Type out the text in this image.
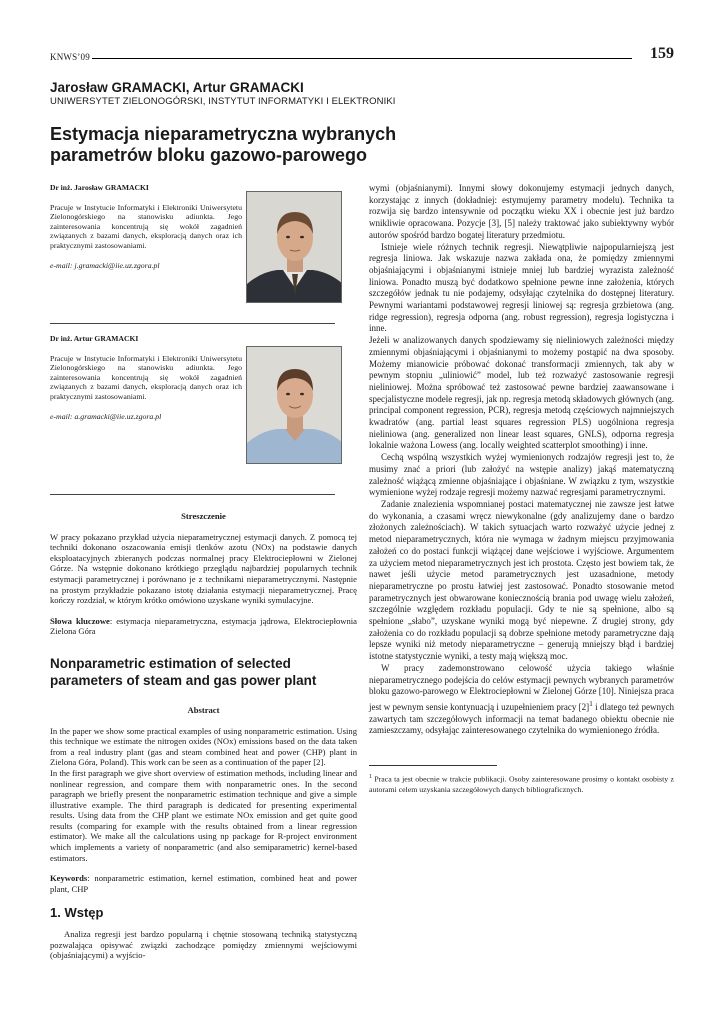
KNWS’09	159
Jarosław GRAMACKI, Artur GRAMACKI
UNIWERSYTET ZIELONOGÓRSKI, INSTYTUT INFORMATYKI I ELEKTRONIKI
Estymacja nieparametryczna wybranych parametrów bloku gazowo-parowego
Dr inż. Jarosław GRAMACKI
Pracuje w Instytucie Informatyki i Elektroniki Uniwersytetu Zielonogórskiego na stanowisku adiunkta. Jego zainteresowania koncentrują się wokół zagadnień związanych z bazami danych, eksploracją danych oraz ich praktycznymi zastosowaniami.
e-mail: j.gramacki@iie.uz.zgora.pl
Dr inż. Artur GRAMACKI
Pracuje w Instytucie Informatyki i Elektroniki Uniwersytetu Zielonogórskiego na stanowisku adiunkta. Jego zainteresowania koncentrują się wokół zagadnień związanych z bazami danych, eksploracją danych oraz ich praktycznymi zastosowaniami.
e-mail: a.gramacki@iie.uz.zgora.pl
Streszczenie

W pracy pokazano przykład użycia nieparametrycznej estymacji danych. Z pomocą tej techniki dokonano oszacowania emisji tlenków azotu (NOx) na podstawie danych eksploatacyjnych zbieranych podczas normalnej pracy Elektrociepłowni w Zielonej Górze. Na wstępnie dokonano krótkiego przeglądu najbardziej popularnych technik estymacji parametrycznej i porównano je z technikami nieparametrycznymi. Następnie na prostym przykładzie pokazano istotę działania estymacji nieparametrycznej. Pracę kończy rozdział, w którym krótko omówiono uzyskane wyniki symulacyjne.

Słowa kluczowe: estymacja nieparametryczna, estymacja jądrowa, Elektrociepłownia Zielona Góra

Nonparametric estimation of selected parameters of steam and gas power plant
Abstract

In the paper we show some practical examples of using nonparametric estimation. Using this technique we estimate the nitrogen oxides (NOx) emissions based on the data taken from a real industry plant (gas and steam combined heat and power (CHP) plant in Zielona Góra, Poland). This work can be seen as a continuation of the paper [2].

In the first paragraph we give short overview of estimation methods, including linear and nonlinear regression, and compare them with nonparametric ones. In the second paragraph we briefly present the nonparametric estimation technique and give a simple illustrative example. The third paragraph is dedicated for presenting experimental results. Using data from the CHP plant we estimate NOx emission and get quite good results (comparing for example with the results obtained from a linear regression estimator). We make all the calculations using np package for R-project environment which implements a variety of nonparametric (and also semiparametric) kernel-based estimators.

Keywords: nonparametric estimation, kernel estimation, combined heat and power plant, CHP

1. Wstęp

Analiza regresji jest bardzo popularną i chętnie stosowaną techniką statystyczną pozwalająca opisywać związki zachodzące pomiędzy zmiennymi wejściowymi (objaśniającymi) a wyjścio-

wymi (objaśnianymi). Innymi słowy dokonujemy estymacji jednych danych, korzystając z innych (dokładniej: estymujemy parametry modelu). Technika ta rozwija się bardzo intensywnie od początku wieku XX i obecnie jest już bardzo wnikliwie opracowana. Pozycje [3], [5] należy traktować jako subiektywny wybór autorów spośród bardzo bogatej literatury przedmiotu.

Istnieje wiele różnych technik regresji. Niewątpliwie najpopularniejszą jest regresja liniowa. Jak wskazuje nazwa zakłada ona, że pomiędzy zmiennymi objaśniającymi i objaśnianymi istnieje mniej lub bardziej wyrazista zależność liniowa. Ponadto muszą być dodatkowo spełnione pewne inne założenia, których szczegółów jednak tu nie podajemy, odsyłając czytelnika do dostępnej literatury. Pewnymi wariantami podstawowej regresji liniowej są: regresja grzbietowa (ang. ridge regression), regresja odporna (ang. robust regression), regresja logistyczna i inne.

Jeżeli w analizowanych danych spodziewamy się nieliniowych zależności między zmiennymi objaśniającymi i objaśnianymi to możemy postąpić na dwa sposoby. Możemy mianowicie próbować dokonać transformacji zmiennych, tak aby w pewnym stopniu „uliniowić” model, lub też rozważyć zastosowanie regresji nieliniowej. Można spróbować też zastosować pewne bardziej zaawansowane i specjalistyczne modele regresji, jak np. regresja metodą składowych głównych (ang. principal component regression, PCR), regresja metodą częściowych najmniejszych kwadratów (ang. partial least squares regression PLS) uogólniona regresja nieliniowa (ang. generalized non linear least squares, GNLS), odporna regresja lokalnie ważona Lowess (ang. locally weighted scatterplot smoothing) i inne.

Cechą wspólną wszystkich wyżej wymienionych rodzajów regresji jest to, że musimy znać a priori (lub założyć na wstępie analizy) jakąś matematyczną zależność wiążącą zmienne objaśniające i objaśniane. W związku z tym, wszystkie wymienione wyżej rodzaje regresji możemy nazwać regresjami parametrycznymi.

Zadanie znalezienia wspomnianej postaci matematycznej nie zawsze jest łatwe do wykonania, a czasami wręcz niewykonalne (gdy analizujemy dane o bardzo złożonych zależnościach). W takich sytuacjach warto rozważyć użycie jednej z metod nieparametrycznych, która nie wymaga w żadnym miejscu przyjmowania założeń co do postaci funkcji wiążącej dane wejściowe i wyjściowe. Argumentem za użyciem metod nieparametrycznych jest ich prostota. Często jest bowiem tak, że nawet jeśli użycie metod parametrycznych jest uzasadnione, metody nieparametryczne po prostu łatwiej jest zastosować. Ponadto stosowanie metod parametrycznych jest obwarowane koniecznością brania pod uwagę wielu założeń, szczególnie względem rozkładu populacji. Gdy te nie są spełnione, albo są spełnione „słabo”, uzyskane wyniki mogą być niepewne. Z drugiej strony, gdy założenia co do rozkładu populacji są dobrze spełnione metody parametryczne dają lepsze wyniki niż metody nieparametryczne – generują mniejszy błąd i bardziej istotne statystycznie wyniki, a testy mają większą moc.

W pracy zademonstrowano celowość użycia takiego właśnie nieparametrycznego podejścia do celów estymacji pewnych wybranych parametrów bloku gazowo-parowego w Elektrociepłowni w Zielonej Górze [10]. Niniejsza praca jest w pewnym sensie kontynuacją i uzupełnieniem pracy $[2]^1$ i dlatego też pewnych zawartych tam szczegółowych informacji na temat badanego obiektu obecnie nie zamieszczamy, odsyłając zainteresowanego czytelnika do wymienionego źródła.

$^1$ Praca ta jest obecnie w trakcie publikacji. Osoby zainteresowane prosimy o kontakt osobisty z autorami celem uzyskania szczegółowych danych bibliograficznych.
